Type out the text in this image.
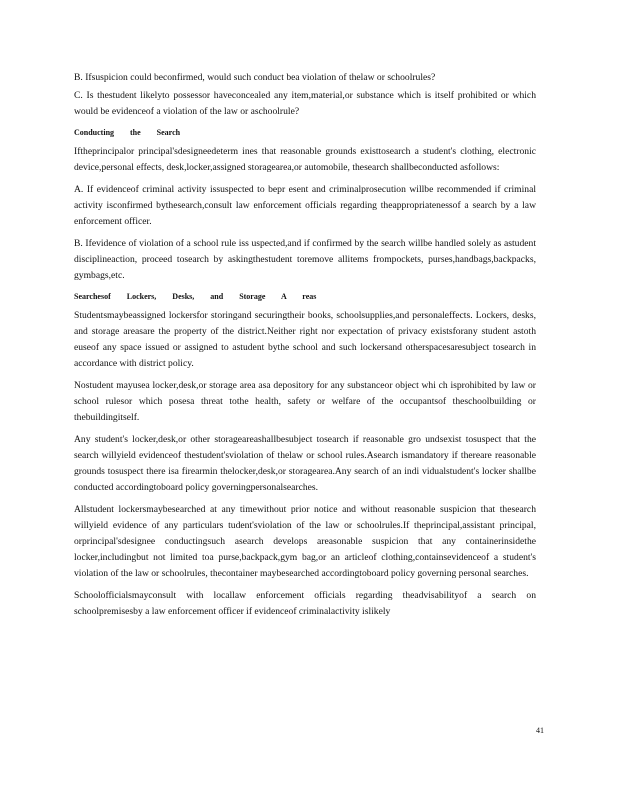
B. Ifsuspicion could beconfirmed, would such conduct bea violation of thelaw or schoolrules?

C. Is thestudent likelyto possessor haveconcealed any item,material,or substance which is itself prohibited or which would be evidenceof a violation of the law or aschoolrule?

Conducting the Search

Iftheprincipalor principal'sdesigneedeterm ines that reasonable grounds existtosearch a student's clothing, electronic device,personal effects, desk,locker,assigned storagearea,or automobile, thesearch shallbeconducted asfollows:

A. If evidenceof criminal activity issuspected to bepr esent and criminalprosecution willbe recommended if criminal activity isconfirmed bythesearch,consult law enforcement officials regarding theappropriatenessof a search by a law enforcement officer.

B. Ifevidence of violation of a school rule iss uspected,and if confirmed by the search willbe handled solely as astudent disciplineaction, proceed tosearch by askingthestudent toremove allitems frompockets, purses,handbags,backpacks, gymbags,etc.

Searchesof Lockers, Desks, and Storage A reas

Studentsmaybeassigned lockersfor storingand securingtheir books, schoolsupplies,and personaleffects. Lockers, desks, and storage areasare the property of the district.Neither right nor expectation of privacy existsforany student astoth euseof any space issued or assigned to astudent bythe school and such lockersand otherspacesaresubject tosearch in accordance with district policy.

Nostudent mayusea locker,desk,or storage area asa depository for any substanceor object whi ch isprohibited by law or school rulesor which posesa threat tothe health, safety or welfare of the occupantsof theschoolbuilding or thebuildingitself.

Any student's locker,desk,or other storageareashallbesubject tosearch if reasonable gro undsexist tosuspect that the search willyield evidenceof thestudent'sviolation of thelaw or school rules.Asearch ismandatory if thereare reasonable grounds tosuspect there isa firearmin thelocker,desk,or storagearea.Any search of an indi vidualstudent's locker shallbe conducted accordingtoboard policy governingpersonalsearches.

Allstudent lockersmaybesearched at any timewithout prior notice and without reasonable suspicion that thesearch willyield evidence of any particulars tudent'sviolation of the law or schoolrules.If theprincipal,assistant principal, orprincipal'sdesignee conductingsuch asearch develops areasonable suspicion that any containerinsidethe locker,includingbut not limited toa purse,backpack,gym bag,or an articleof clothing,containsevidenceof a student's violation of the law or schoolrules, thecontainer maybesearched accordingtoboard policy governing personal searches.

Schoolofficialsmayconsult with locallaw enforcement officials regarding theadvisabilityof a search on schoolpremisesby a law enforcement officer if evidenceof criminalactivity islikely

41
